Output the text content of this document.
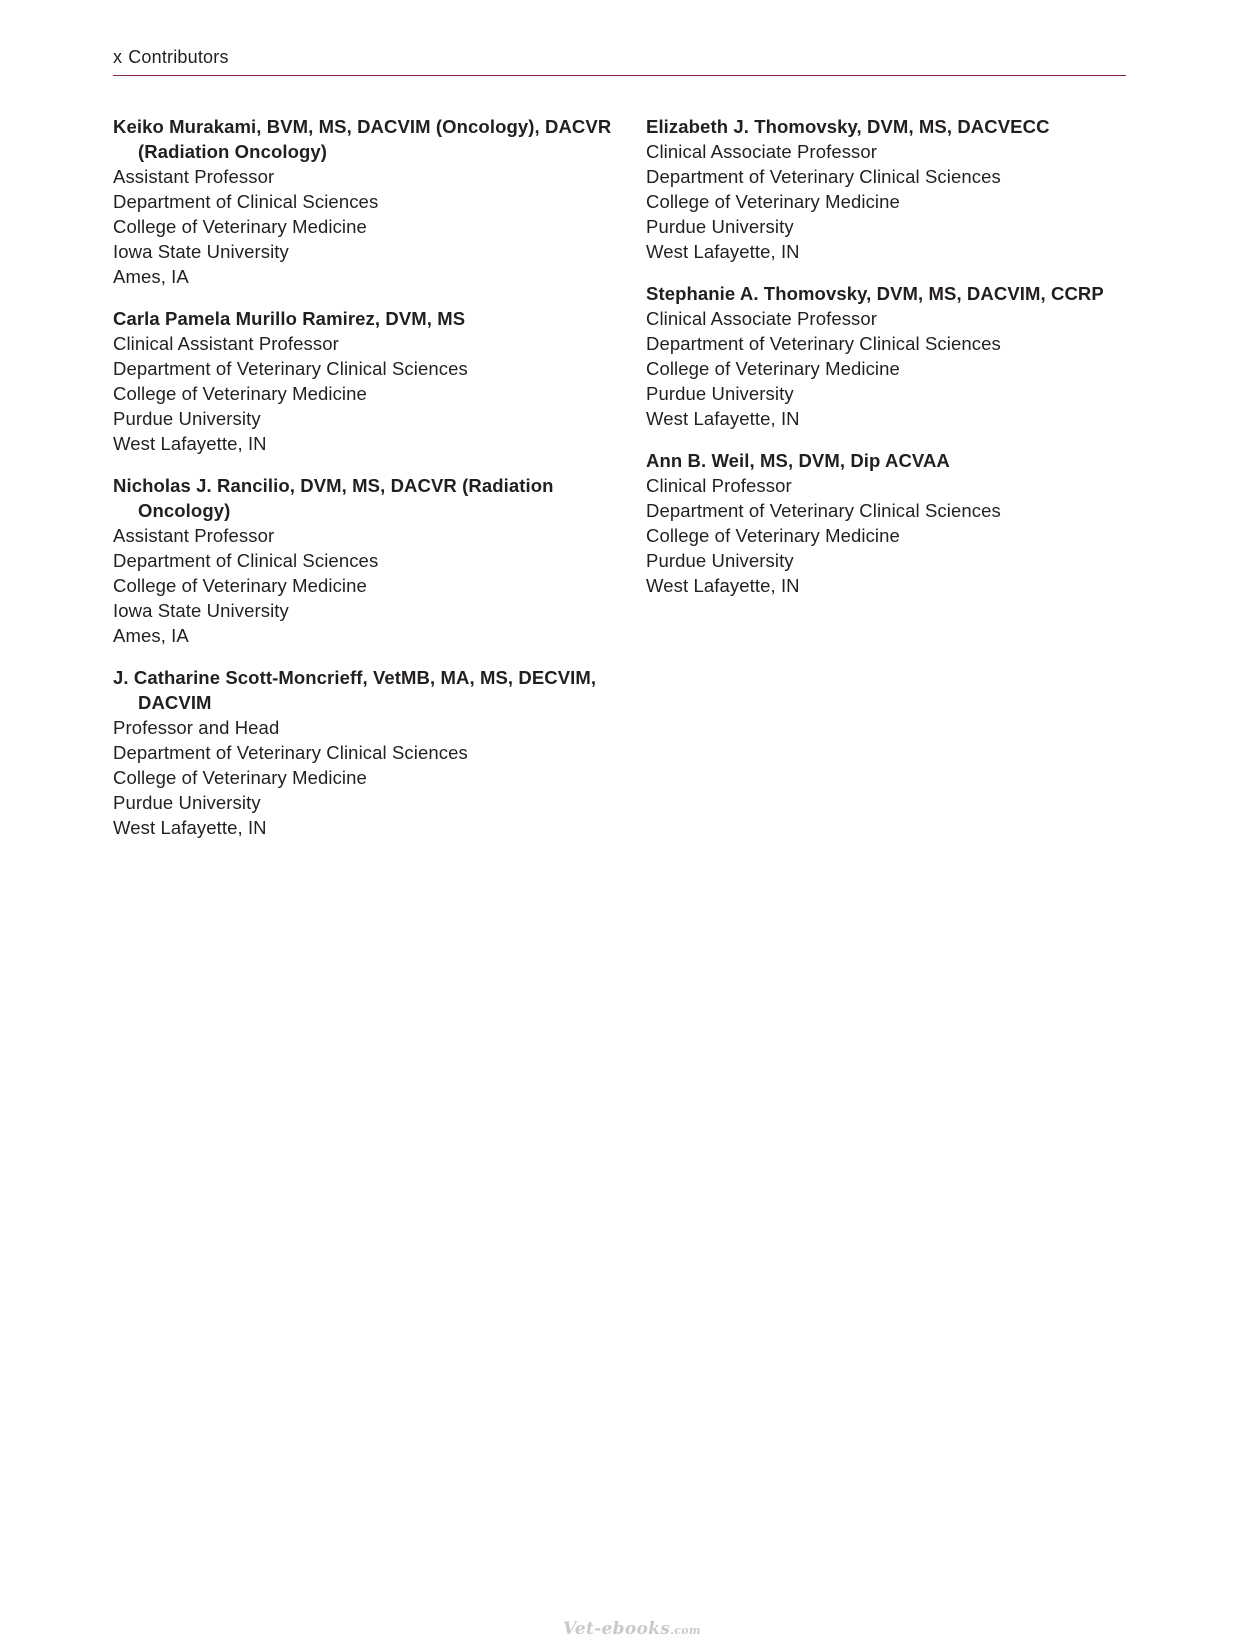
x Contributors
Keiko Murakami, BVM, MS, DACVIM (Oncology), DACVR (Radiation Oncology)
Assistant Professor
Department of Clinical Sciences
College of Veterinary Medicine
Iowa State University
Ames, IA
Carla Pamela Murillo Ramirez, DVM, MS
Clinical Assistant Professor
Department of Veterinary Clinical Sciences
College of Veterinary Medicine
Purdue University
West Lafayette, IN
Nicholas J. Rancilio, DVM, MS, DACVR (Radiation Oncology)
Assistant Professor
Department of Clinical Sciences
College of Veterinary Medicine
Iowa State University
Ames, IA
J. Catharine Scott-Moncrieff, VetMB, MA, MS, DECVIM, DACVIM
Professor and Head
Department of Veterinary Clinical Sciences
College of Veterinary Medicine
Purdue University
West Lafayette, IN
Elizabeth J. Thomovsky, DVM, MS, DACVECC
Clinical Associate Professor
Department of Veterinary Clinical Sciences
College of Veterinary Medicine
Purdue University
West Lafayette, IN
Stephanie A. Thomovsky, DVM, MS, DACVIM, CCRP
Clinical Associate Professor
Department of Veterinary Clinical Sciences
College of Veterinary Medicine
Purdue University
West Lafayette, IN
Ann B. Weil, MS, DVM, Dip ACVAA
Clinical Professor
Department of Veterinary Clinical Sciences
College of Veterinary Medicine
Purdue University
West Lafayette, IN
Vet-ebooks.com
